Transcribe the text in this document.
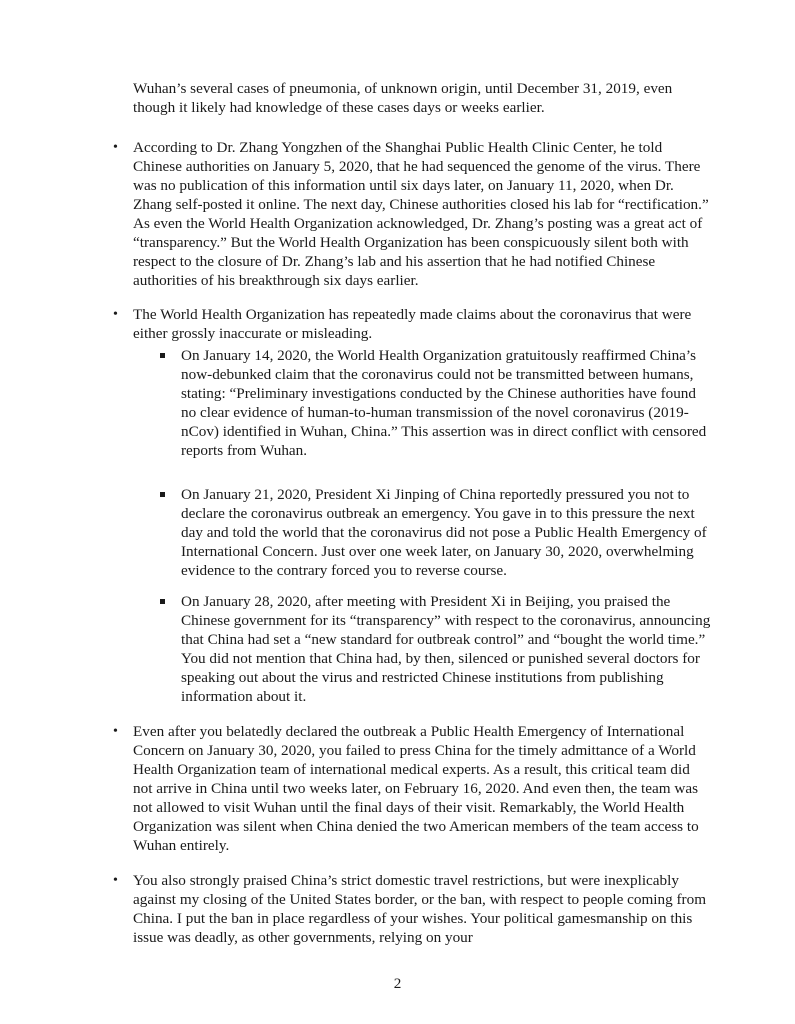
Wuhan’s several cases of pneumonia, of unknown origin, until December 31, 2019, even though it likely had knowledge of these cases days or weeks earlier.

• According to Dr. Zhang Yongzhen of the Shanghai Public Health Clinic Center, he told Chinese authorities on January 5, 2020, that he had sequenced the genome of the virus. There was no publication of this information until six days later, on January 11, 2020, when Dr. Zhang self-posted it online. The next day, Chinese authorities closed his lab for “rectification.” As even the World Health Organization acknowledged, Dr. Zhang’s posting was a great act of “transparency.” But the World Health Organization has been conspicuously silent both with respect to the closure of Dr. Zhang’s lab and his assertion that he had notified Chinese authorities of his breakthrough six days earlier.

• The World Health Organization has repeatedly made claims about the coronavirus that were either grossly inaccurate or misleading.

On January 14, 2020, the World Health Organization gratuitously reaffirmed China’s now-debunked claim that the coronavirus could not be transmitted between humans, stating: “Preliminary investigations conducted by the Chinese authorities have found no clear evidence of human-to-human transmission of the novel coronavirus (2019-nCov) identified in Wuhan, China.” This assertion was in direct conflict with censored reports from Wuhan.

On January 21, 2020, President Xi Jinping of China reportedly pressured you not to declare the coronavirus outbreak an emergency. You gave in to this pressure the next day and told the world that the coronavirus did not pose a Public Health Emergency of International Concern. Just over one week later, on January 30, 2020, overwhelming evidence to the contrary forced you to reverse course.

On January 28, 2020, after meeting with President Xi in Beijing, you praised the Chinese government for its “transparency” with respect to the coronavirus, announcing that China had set a “new standard for outbreak control” and “bought the world time.” You did not mention that China had, by then, silenced or punished several doctors for speaking out about the virus and restricted Chinese institutions from publishing information about it.

• Even after you belatedly declared the outbreak a Public Health Emergency of International Concern on January 30, 2020, you failed to press China for the timely admittance of a World Health Organization team of international medical experts. As a result, this critical team did not arrive in China until two weeks later, on February 16, 2020. And even then, the team was not allowed to visit Wuhan until the final days of their visit. Remarkably, the World Health Organization was silent when China denied the two American members of the team access to Wuhan entirely.

• You also strongly praised China’s strict domestic travel restrictions, but were inexplicably against my closing of the United States border, or the ban, with respect to people coming from China. I put the ban in place regardless of your wishes. Your political gamesmanship on this issue was deadly, as other governments, relying on your

2
